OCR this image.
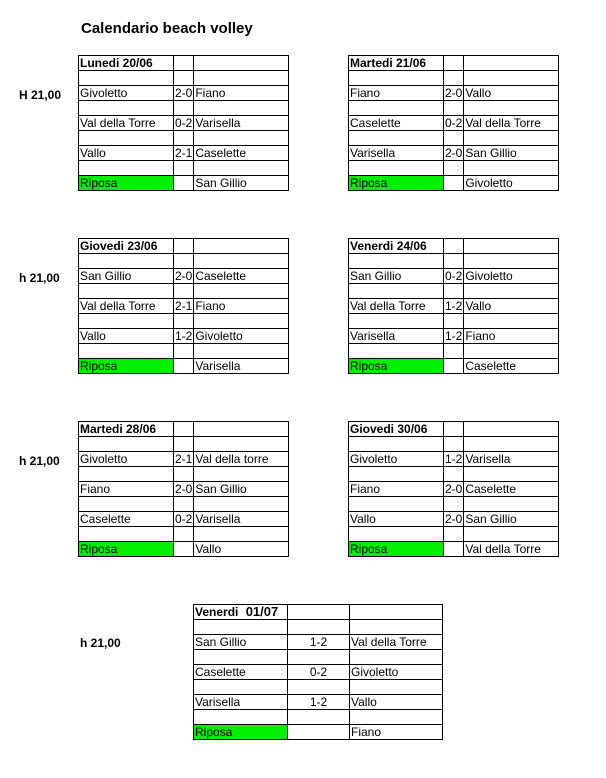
Calendario beach volley
H 21,00
h 21,00
h 21,00
h 21,00
Lunedi 20/06		

Givoletto	2-0	Fiano

Val della Torre	0-2	Varisella

Vallo	2-1	Caselette

Riposa		San Gillio
Martedi 21/06		

Fiano	2-0	Vallo

Caselette	0-2	Val della Torre

Varisella	2-0	San Gillio

Riposa		Givoletto
Giovedi 23/06		

San Gillio	2-0	Caselette

Val della Torre	2-1	Fiano

Vallo	1-2	Givoletto

Riposa		Varisella
Venerdi 24/06		

San Gillio	0-2	Givoletto

Val della Torre	1-2	Vallo

Varisella	1-2	Fiano

Riposa		Caselette
Martedi 28/06		

Givoletto	2-1	Val della torre

Fiano	2-0	San Gillio

Caselette	0-2	Varisella

Riposa		Vallo
Giovedi 30/06		

Givoletto	1-2	Varisella

Fiano	2-0	Caselette

Vallo	2-0	San Gillio

Riposa		Val della Torre
Venerdi 01/07		

San Gillio	1-2	Val della Torre

Caselette	0-2	Givoletto

Varisella	1-2	Vallo

Riposa		Fiano
